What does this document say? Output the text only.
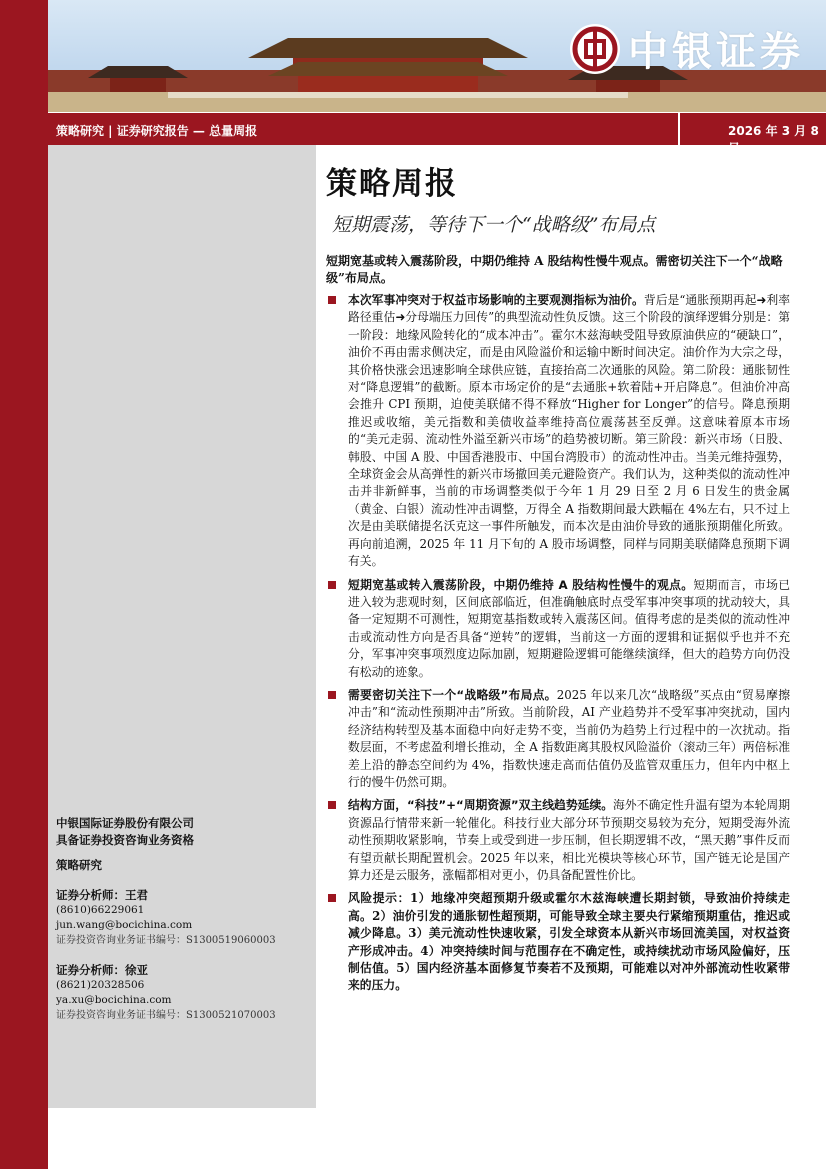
中银证券
策略研究 | 证券研究报告 — 总量周报	2026 年 3 月 8 日
中银国际证券股份有限公司
具备证券投资咨询业务资格
策略研究
证券分析师：王君
(8610)66229061
jun.wang@bocichina.com
证券投资咨询业务证书编号：S1300519060003
证券分析师：徐亚
(8621)20328506
ya.xu@bocichina.com
证券投资咨询业务证书编号：S1300521070003
策略周报
短期震荡，等待下一个“战略级”布局点
短期宽基或转入震荡阶段，中期仍维持 A 股结构性慢牛观点。需密切关注下一个“战略级”布局点。
本次军事冲突对于权益市场影响的主要观测指标为油价。背后是“通胀预期再起➜利率路径重估➜分母端压力回传”的典型流动性负反馈。这三个阶段的演绎逻辑分别是：第一阶段：地缘风险转化的“成本冲击”。霍尔木兹海峡受阻导致原油供应的“硬缺口”，油价不再由需求侧决定，而是由风险溢价和运输中断时间决定。油价作为大宗之母，其价格快涨会迅速影响全球供应链，直接抬高二次通胀的风险。第二阶段：通胀韧性对“降息逻辑”的截断。原本市场定价的是“去通胀+软着陆+开启降息”。但油价冲高会推升 CPI 预期，迫使美联储不得不释放“Higher for Longer”的信号。降息预期推迟或收缩，美元指数和美债收益率维持高位震荡甚至反弹。这意味着原本市场的“美元走弱、流动性外溢至新兴市场”的趋势被切断。第三阶段：新兴市场（日股、韩股、中国 A 股、中国香港股市、中国台湾股市）的流动性冲击。当美元维持强势，全球资金会从高弹性的新兴市场撤回美元避险资产。我们认为，这种类似的流动性冲击并非新鲜事，当前的市场调整类似于今年 1 月 29 日至 2 月 6 日发生的贵金属（黄金、白银）流动性冲击调整，万得全 A 指数期间最大跌幅在 4%左右，只不过上次是由美联储提名沃克这一事件所触发，而本次是由油价导致的通胀预期催化所致。再向前追溯，2025 年 11 月下旬的 A 股市场调整，同样与同期美联储降息预期下调有关。
短期宽基或转入震荡阶段，中期仍维持 A 股结构性慢牛的观点。短期而言，市场已进入较为悲观时刻，区间底部临近，但准确触底时点受军事冲突事项的扰动较大，具备一定短期不可测性，短期宽基指数或转入震荡区间。值得考虑的是类似的流动性冲击或流动性方向是否具备“逆转”的逻辑，当前这一方面的逻辑和证据似乎也并不充分，军事冲突事项烈度边际加剧，短期避险逻辑可能继续演绎，但大的趋势方向仍没有松动的迹象。
需要密切关注下一个“战略级”布局点。2025 年以来几次“战略级”买点由“贸易摩擦冲击”和“流动性预期冲击”所致。当前阶段，AI 产业趋势并不受军事冲突扰动，国内经济结构转型及基本面稳中向好走势不变，当前仍为趋势上行过程中的一次扰动。指数层面，不考虑盈利增长推动，全 A 指数距离其股权风险溢价（滚动三年）两倍标准差上沿的静态空间约为 4%，指数快速走高而估值仍及监管双重压力，但年内中枢上行的慢牛仍然可期。
结构方面，“科技”+“周期资源”双主线趋势延续。海外不确定性升温有望为本轮周期资源品行情带来新一轮催化。科技行业大部分环节预期交易较为充分，短期受海外流动性预期收紧影响，节奏上或受到进一步压制，但长期逻辑不改，“黑天鹅”事件反而有望贡献长期配置机会。2025 年以来，相比光模块等核心环节，国产链无论是国产算力还是云服务，涨幅都相对更小，仍具备配置性价比。
风险提示：1）地缘冲突超预期升级或霍尔木兹海峡遭长期封锁，导致油价持续走高。2）油价引发的通胀韧性超预期，可能导致全球主要央行紧缩预期重估，推迟或减少降息。3）美元流动性快速收紧，引发全球资本从新兴市场回流美国，对权益资产形成冲击。4）冲突持续时间与范围存在不确定性，或持续扰动市场风险偏好，压制估值。5）国内经济基本面修复节奏若不及预期，可能难以对冲外部流动性收紧带来的压力。
